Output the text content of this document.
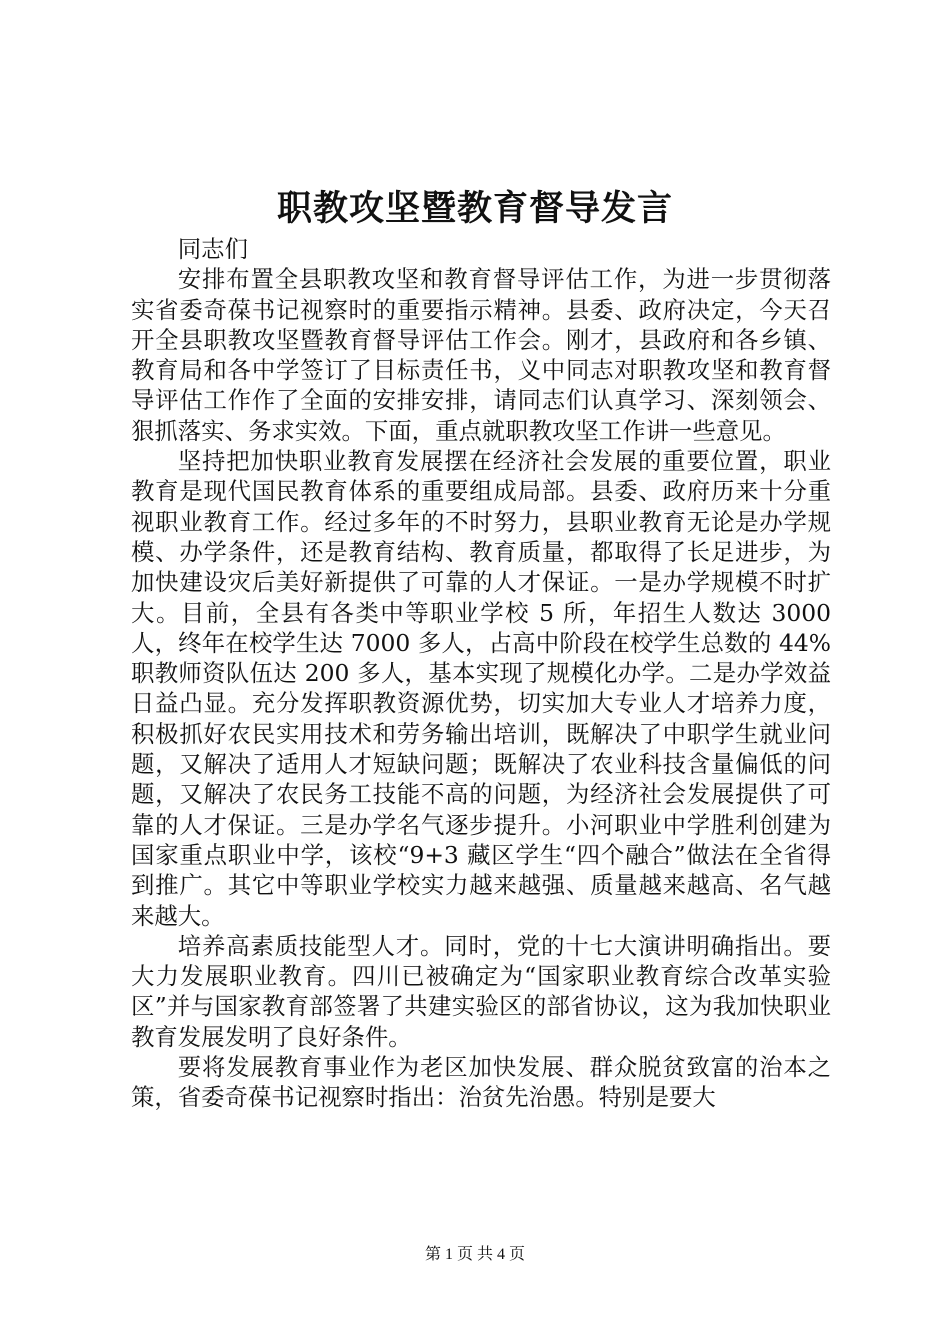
职教攻坚暨教育督导发言

同志们

安排布置全县职教攻坚和教育督导评估工作，为进一步贯彻落实省委奇葆书记视察时的重要指示精神。县委、政府决定，今天召开全县职教攻坚暨教育督导评估工作会。刚才，县政府和各乡镇、教育局和各中学签订了目标责任书，义中同志对职教攻坚和教育督导评估工作作了全面的安排安排，请同志们认真学习、深刻领会、狠抓落实、务求实效。下面，重点就职教攻坚工作讲一些意见。

坚持把加快职业教育发展摆在经济社会发展的重要位置，职业教育是现代国民教育体系的重要组成局部。县委、政府历来十分重视职业教育工作。经过多年的不时努力，县职业教育无论是办学规模、办学条件，还是教育结构、教育质量，都取得了长足进步，为加快建设灾后美好新提供了可靠的人才保证。一是办学规模不时扩大。目前，全县有各类中等职业学校 5 所，年招生人数达 3000 人，终年在校学生达 7000 多人，占高中阶段在校学生总数的 44%职教师资队伍达 200 多人，基本实现了规模化办学。二是办学效益日益凸显。充分发挥职教资源优势，切实加大专业人才培养力度，积极抓好农民实用技术和劳务输出培训，既解决了中职学生就业问题，又解决了适用人才短缺问题；既解决了农业科技含量偏低的问题，又解决了农民务工技能不高的问题，为经济社会发展提供了可靠的人才保证。三是办学名气逐步提升。小河职业中学胜利创建为国家重点职业中学，该校“9+3 藏区学生“四个融合”做法在全省得到推广。其它中等职业学校实力越来越强、质量越来越高、名气越来越大。

培养高素质技能型人才。同时，党的十七大演讲明确指出。要大力发展职业教育。四川已被确定为“国家职业教育综合改革实验区”并与国家教育部签署了共建实验区的部省协议，这为我加快职业教育发展发明了良好条件。

要将发展教育事业作为老区加快发展、群众脱贫致富的治本之策，省委奇葆书记视察时指出：治贫先治愚。特别是要大

第 1 页 共 4 页
